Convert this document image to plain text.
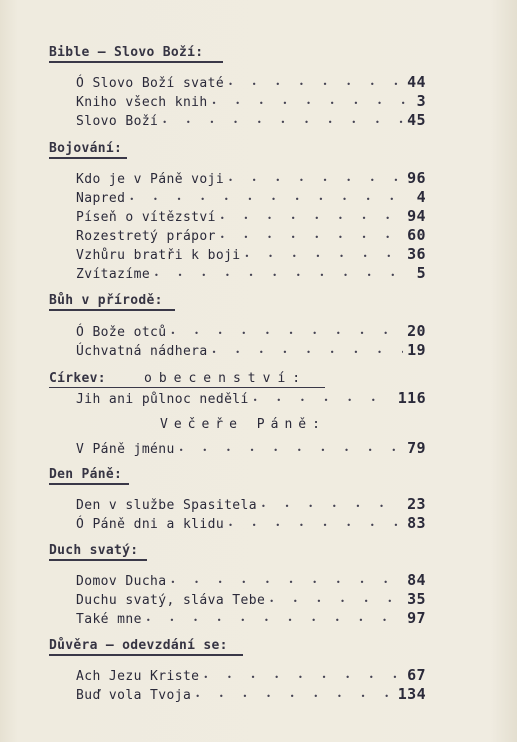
Bible – Slovo Boží:
Ó Slovo Boží svaté • • •	44
Kniho všech knih • • •	3
Slovo Boží • • •	45
Bojování:
Kdo je v Páně voji • • •	96
Napred • • •	4
Píseň o vítězství • • •	94
Rozestretý prápor • • •	60
Vzhůru bratři k boji • • •	36
Zvítazíme • • •	5
Bůh v přírodě:
Ó Bože otců • • •	20
Úchvatná nádhera • • •	19
Církev:	obecenství:
Jih ani půlnoc nedělí • • •	116
Večeře Páně:
V Páně jménu • • •	79
Den Páně:
Den v službe Spasitela • • •	23
Ó Páně dni a klidu • • •	83
Duch svatý:
Domov Ducha • • •	84
Duchu svatý, sláva Tebe • • •	35
Také mne • • •	97
Důvěra – odevzdání se:
Ach Jezu Kriste • • •	67
Buď vola Tvoja • • •	134
